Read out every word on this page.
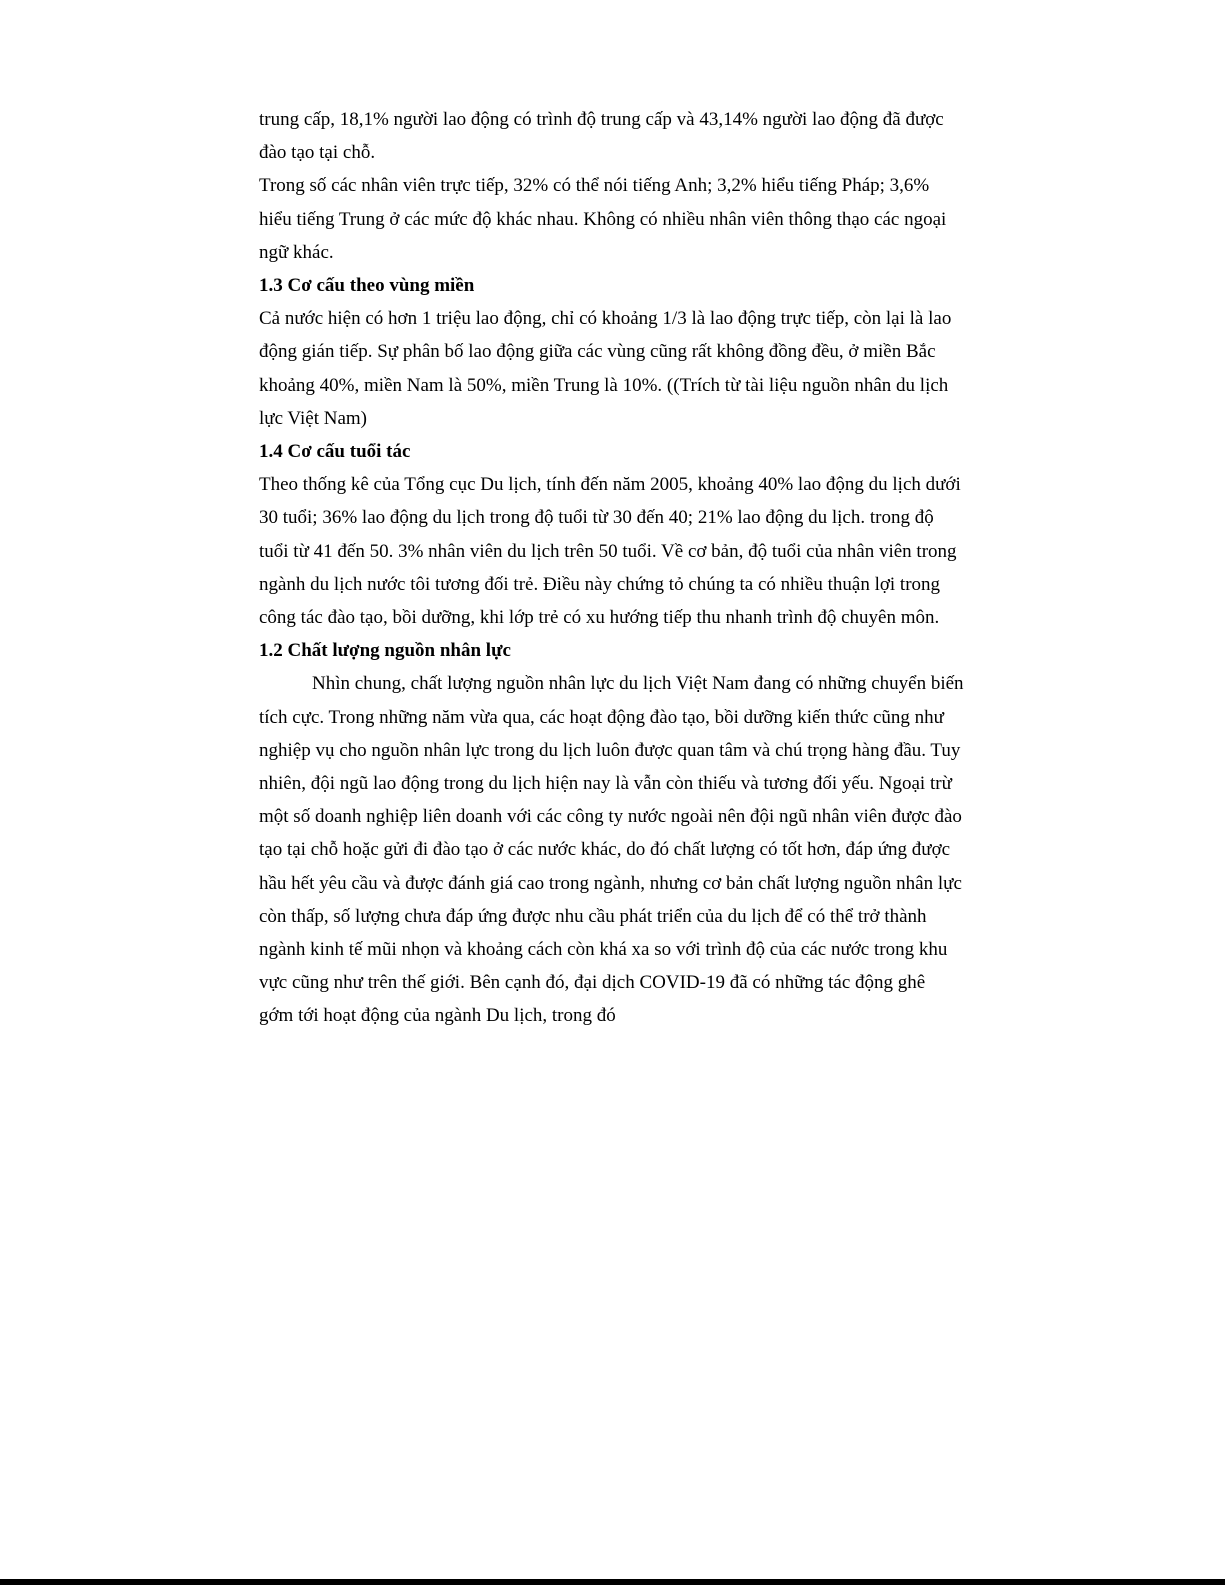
trung cấp, 18,1% người lao động có trình độ trung cấp và 43,14% người lao động đã được đào tạo tại chỗ.

Trong số các nhân viên trực tiếp, 32% có thể nói tiếng Anh; 3,2% hiểu tiếng Pháp; 3,6% hiểu tiếng Trung ở các mức độ khác nhau. Không có nhiều nhân viên thông thạo các ngoại ngữ khác.

1.3 Cơ cấu theo vùng miền

Cả nước hiện có hơn 1 triệu lao động, chỉ có khoảng 1/3 là lao động trực tiếp, còn lại là lao động gián tiếp. Sự phân bố lao động giữa các vùng cũng rất không đồng đều, ở miền Bắc khoảng 40%, miền Nam là 50%, miền Trung là 10%. ((Trích từ tài liệu nguồn nhân du lịch lực Việt Nam)

1.4 Cơ cấu tuổi tác

Theo thống kê của Tổng cục Du lịch, tính đến năm 2005, khoảng 40% lao động du lịch dưới 30 tuổi; 36% lao động du lịch trong độ tuổi từ 30 đến 40; 21% lao động du lịch. trong độ tuổi từ 41 đến 50. 3% nhân viên du lịch trên 50 tuổi. Về cơ bản, độ tuổi của nhân viên trong ngành du lịch nước tôi tương đối trẻ. Điều này chứng tỏ chúng ta có nhiều thuận lợi trong công tác đào tạo, bồi dưỡng, khi lớp trẻ có xu hướng tiếp thu nhanh trình độ chuyên môn.

1.2 Chất lượng nguồn nhân lực

Nhìn chung, chất lượng nguồn nhân lực du lịch Việt Nam đang có những chuyển biến tích cực. Trong những năm vừa qua, các hoạt động đào tạo, bồi dưỡng kiến thức cũng như nghiệp vụ cho nguồn nhân lực trong du lịch luôn được quan tâm và chú trọng hàng đầu. Tuy nhiên, đội ngũ lao động trong du lịch hiện nay là vẫn còn thiếu và tương đối yếu. Ngoại trừ một số doanh nghiệp liên doanh với các công ty nước ngoài nên đội ngũ nhân viên được đào tạo tại chỗ hoặc gửi đi đào tạo ở các nước khác, do đó chất lượng có tốt hơn, đáp ứng được hầu hết yêu cầu và được đánh giá cao trong ngành, nhưng cơ bản chất lượng nguồn nhân lực còn thấp, số lượng chưa đáp ứng được nhu cầu phát triển của du lịch để có thể trở thành ngành kinh tế mũi nhọn và khoảng cách còn khá xa so với trình độ của các nước trong khu vực cũng như trên thế giới. Bên cạnh đó, đại dịch COVID-19 đã có những tác động ghê gớm tới hoạt động của ngành Du lịch, trong đó
